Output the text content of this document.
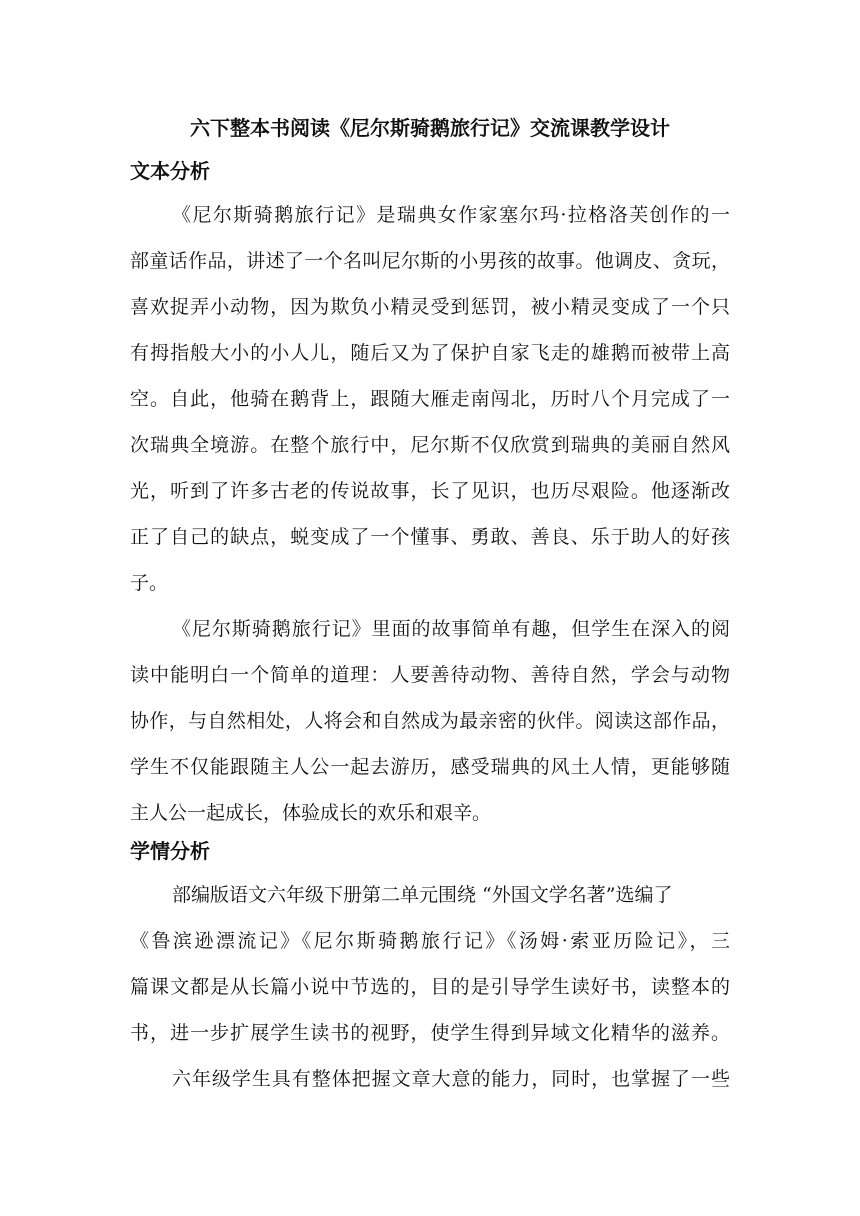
六下整本书阅读《尼尔斯骑鹅旅行记》交流课教学设计
文本分析
《尼尔斯骑鹅旅行记》是瑞典女作家塞尔玛·拉格洛芙创作的一
部童话作品，讲述了一个名叫尼尔斯的小男孩的故事。他调皮、贪玩，
喜欢捉弄小动物，因为欺负小精灵受到惩罚，被小精灵变成了一个只
有拇指般大小的小人儿，随后又为了保护自家飞走的雄鹅而被带上高
空。自此，他骑在鹅背上，跟随大雁走南闯北，历时八个月完成了一
次瑞典全境游。在整个旅行中，尼尔斯不仅欣赏到瑞典的美丽自然风
光，听到了许多古老的传说故事，长了见识，也历尽艰险。他逐渐改
正了自己的缺点，蜕变成了一个懂事、勇敢、善良、乐于助人的好孩
子。
《尼尔斯骑鹅旅行记》里面的故事简单有趣，但学生在深入的阅
读中能明白一个简单的道理：人要善待动物、善待自然，学会与动物
协作，与自然相处，人将会和自然成为最亲密的伙伴。阅读这部作品，
学生不仅能跟随主人公一起去游历，感受瑞典的风土人情，更能够随
主人公一起成长，体验成长的欢乐和艰辛。
学情分析
部编版语文六年级下册第二单元围绕 “外国文学名著”选编了
《鲁滨逊漂流记》《尼尔斯骑鹅旅行记》《汤姆·索亚历险记》，三
篇课文都是从长篇小说中节选的，目的是引导学生读好书，读整本的
书，进一步扩展学生读书的视野，使学生得到异域文化精华的滋养。
六年级学生具有整体把握文章大意的能力，同时，也掌握了一些
